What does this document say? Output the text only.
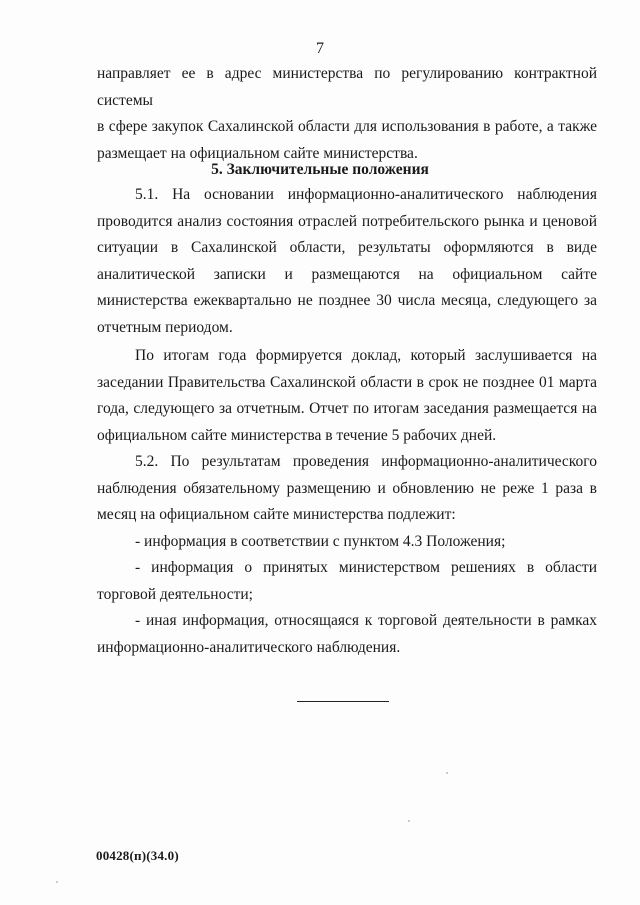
7

направляет ее в адрес министерства по регулированию контрактной системы

в сфере закупок Сахалинской области для использования в работе, а также

размещает на официальном сайте министерства.

5. Заключительные положения

5.1. На основании информационно-аналитического наблюдения проводится анализ состояния отраслей потребительского рынка и ценовой ситуации в Сахалинской области, результаты оформляются в виде аналитической записки и размещаются на официальном сайте министерства ежеквартально не позднее 30 числа месяца, следующего за отчетным периодом.

По итогам года формируется доклад, который заслушивается на заседании Правительства Сахалинской области в срок не позднее 01 марта года, следующего за отчетным. Отчет по итогам заседания размещается на официальном сайте министерства в течение 5 рабочих дней.

5.2. По результатам проведения информационно-аналитического наблюдения обязательному размещению и обновлению не реже 1 раза в месяц на официальном сайте министерства подлежит:

- информация в соответствии с пунктом 4.3 Положения;

- информация о принятых министерством решениях в области торговой деятельности;

- иная информация, относящаяся к торговой деятельности в рамках информационно-аналитического наблюдения.

00428(п)(34.0)
